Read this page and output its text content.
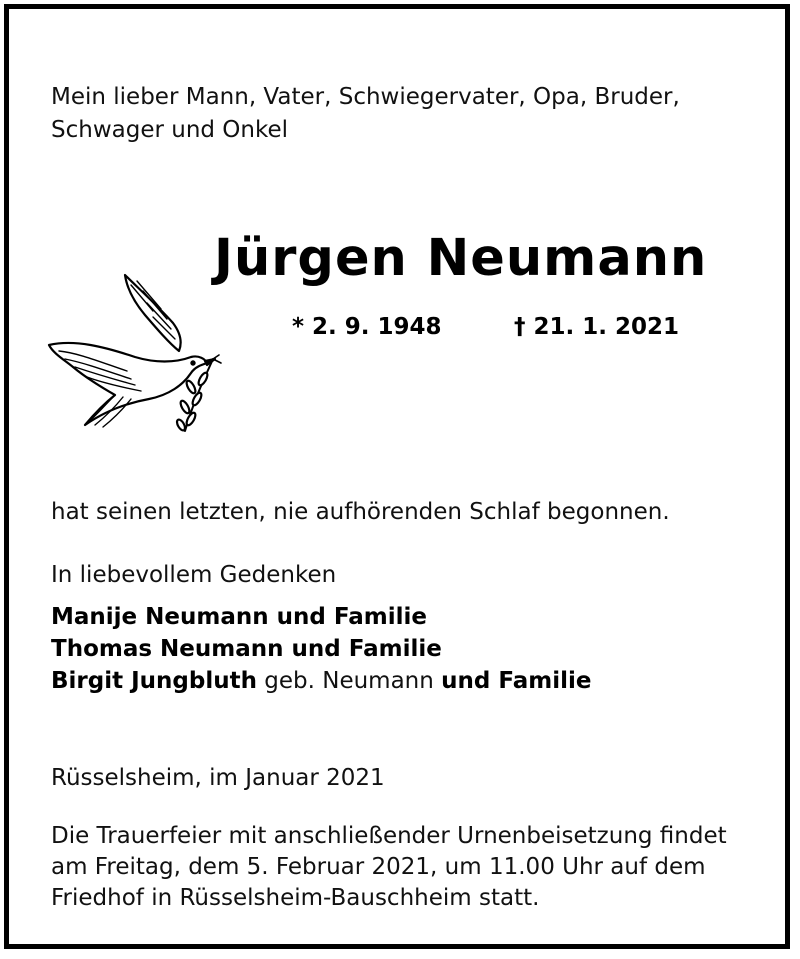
Mein lieber Mann, Vater, Schwiegervater, Opa, Bruder,
Schwager und Onkel

Jürgen Neumann
* 2. 9. 1948	† 21. 1. 2021

hat seinen letzten, nie aufhörenden Schlaf begonnen.

In liebevollem Gedenken

Manije Neumann und Familie
Thomas Neumann und Familie
Birgit Jungbluth geb. Neumann und Familie

Rüsselsheim, im Januar 2021

Die Trauerfeier mit anschließender Urnenbeisetzung findet
am Freitag, dem 5. Februar 2021, um 11.00 Uhr auf dem
Friedhof in Rüsselsheim-Bauschheim statt.
